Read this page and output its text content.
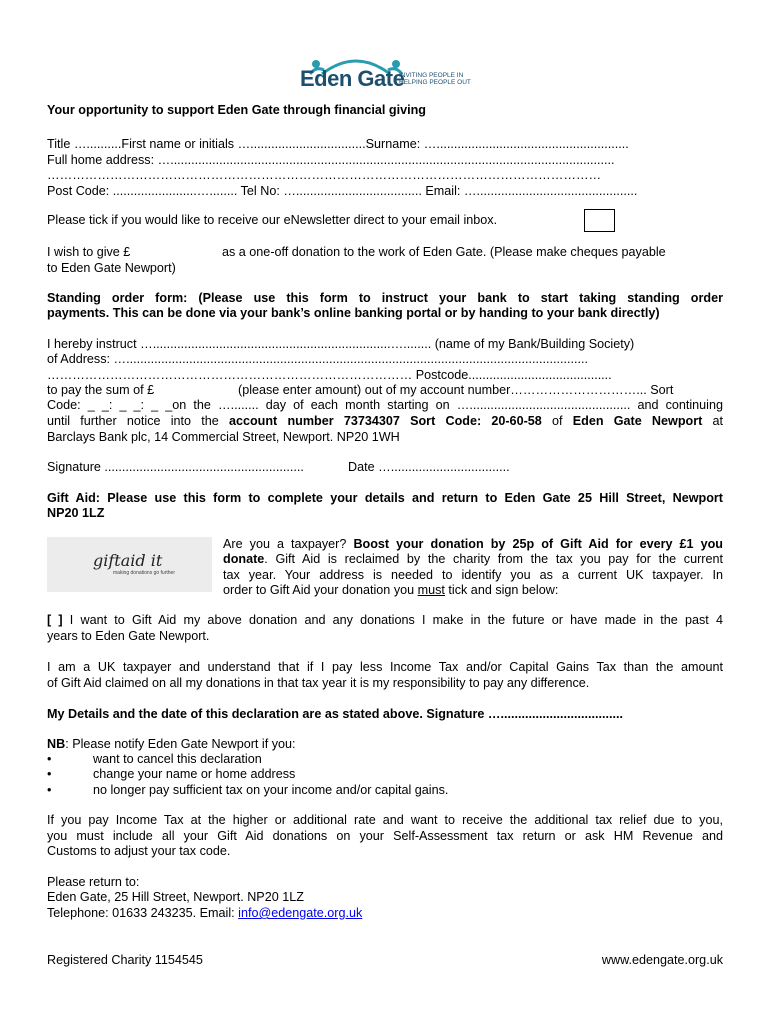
Eden Gate
INVITING PEOPLE IN
HELPING PEOPLE OUT
Your opportunity to support Eden Gate through financial giving
Title …..........First name or initials ….................................Surname: ….......................................................
Full home address: …...............................................................................................................................
……………………………………………………………………………………………………………………
Post Code: ........................…........ Tel No: ….................................... Email: …..............................................
Please tick if you would like to receive our eNewsletter direct to your email inbox.
I wish to give £	as a one-off donation to the work of Eden Gate. (Please make cheques payable
to Eden Gate Newport)
Standing order form: (Please use this form to instruct your bank to start taking standing order
payments. This can be done via your bank’s online banking portal or by handing to your bank directly)
I hereby instruct …....................................................................…........ (name of my Bank/Building Society)
of Address: …....................................................................................................................................
…………………………………………………………………………… Postcode.........................................
to pay the sum of £	(please enter amount) out of my account number…………………………... Sort
Code: _ _: _ _: _ _on the …........ day of each month starting on ….............................................. and continuing
until further notice into the account number 73734307 Sort Code: 20-60-58 of Eden Gate Newport at
Barclays Bank plc, 14 Commercial Street, Newport. NP20 1WH
Signature .........................................................	Date …..................................
Gift Aid: Please use this form to complete your details and return to Eden Gate 25 Hill Street, Newport
NP20 1LZ
giftaid it
making donations go further
Are you a taxpayer? Boost your donation by 25p of Gift Aid for every £1 you
donate. Gift Aid is reclaimed by the charity from the tax you pay for the current
tax year. Your address is needed to identify you as a current UK taxpayer. In
order to Gift Aid your donation you must tick and sign below:
[ ] I want to Gift Aid my above donation and any donations I make in the future or have made in the past 4
years to Eden Gate Newport.
I am a UK taxpayer and understand that if I pay less Income Tax and/or Capital Gains Tax than the amount
of Gift Aid claimed on all my donations in that tax year it is my responsibility to pay any difference.
My Details and the date of this declaration are as stated above. Signature …...................................
NB: Please notify Eden Gate Newport if you:
•	want to cancel this declaration
•	change your name or home address
•	no longer pay sufficient tax on your income and/or capital gains.
If you pay Income Tax at the higher or additional rate and want to receive the additional tax relief due to you,
you must include all your Gift Aid donations on your Self-Assessment tax return or ask HM Revenue and
Customs to adjust your tax code.
Please return to:
Eden Gate, 25 Hill Street, Newport. NP20 1LZ
Telephone: 01633 243235. Email: info@edengate.org.uk
Registered Charity 1154545	www.edengate.org.uk
